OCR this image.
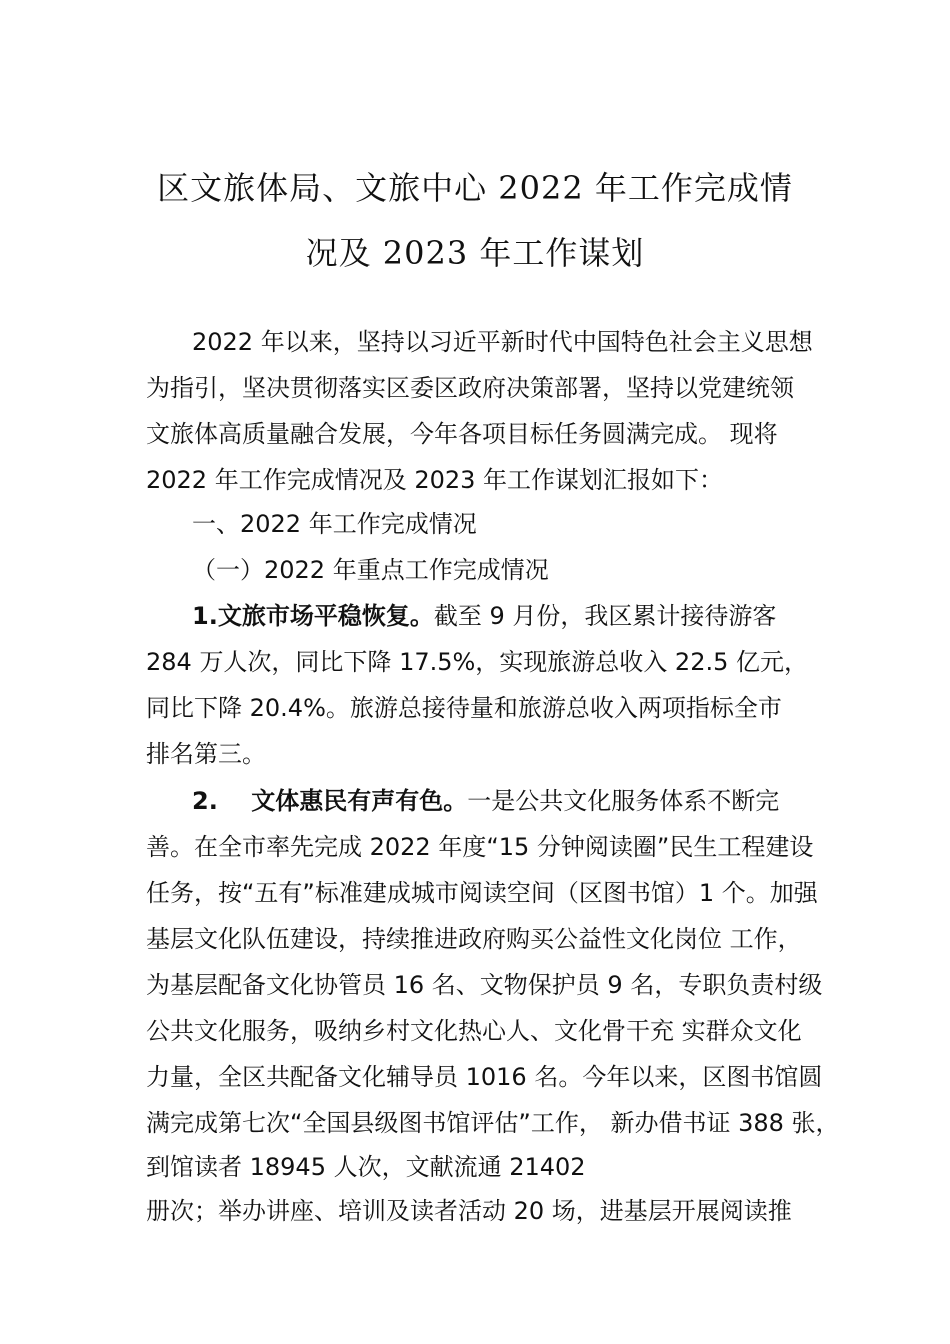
区文旅体局、文旅中心 2022 年工作完成情
况及 2023 年工作谋划
2022 年以来，坚持以习近平新时代中国特色社会主义思想
为指引，坚决贯彻落实区委区政府决策部署，坚持以党建统领
文旅体高质量融合发展，今年各项目标任务圆满完成。 现将
2022 年工作完成情况及 2023 年工作谋划汇报如下：
一、2022 年工作完成情况
（一）2022 年重点工作完成情况
1.文旅市场平稳恢复。截至 9 月份，我区累计接待游客
284 万人次，同比下降 17.5%，实现旅游总收入 22.5 亿元，
同比下降 20.4%。旅游总接待量和旅游总收入两项指标全市
排名第三。
2.    文体惠民有声有色。一是公共文化服务体系不断完
善。在全市率先完成 2022 年度“15 分钟阅读圈”民生工程建设
任务，按“五有”标准建成城市阅读空间（区图书馆）1 个。加强
基层文化队伍建设，持续推进政府购买公益性文化岗位 工作，
为基层配备文化协管员 16 名、文物保护员 9 名，专职负责村级
公共文化服务，吸纳乡村文化热心人、文化骨干充 实群众文化
力量，全区共配备文化辅导员 1016 名。今年以来，区图书馆圆
满完成第七次“全国县级图书馆评估”工作， 新办借书证 388 张，
到馆读者 18945 人次，文献流通 21402
册次；举办讲座、培训及读者活动 20 场，进基层开展阅读推
